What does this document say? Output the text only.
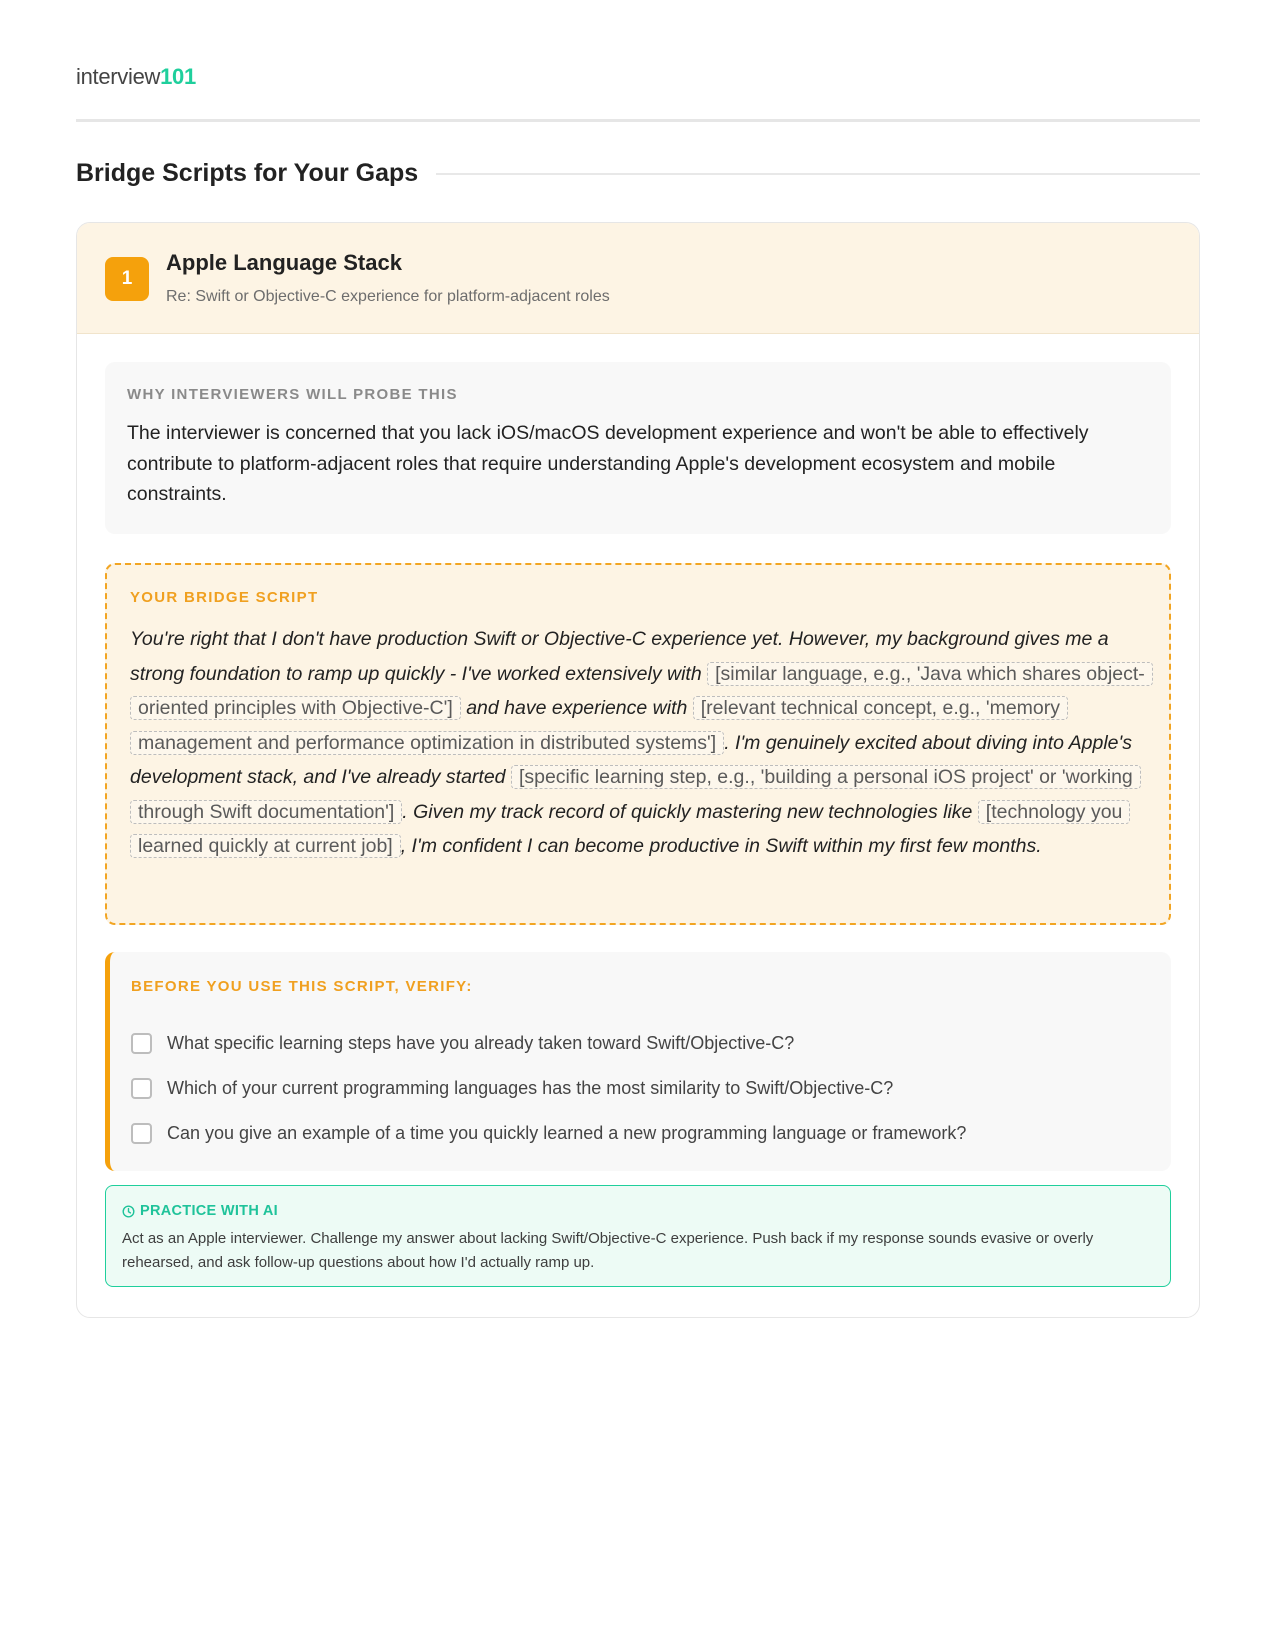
interview101
Bridge Scripts for Your Gaps
1
Apple Language Stack
Re: Swift or Objective-C experience for platform-adjacent roles
WHY INTERVIEWERS WILL PROBE THIS

The interviewer is concerned that you lack iOS/macOS development experience and won't be able to effectively contribute to platform-adjacent roles that require understanding Apple's development ecosystem and mobile constraints.

YOUR BRIDGE SCRIPT

You're right that I don't have production Swift or Objective-C experience yet. However, my background gives me a strong foundation to ramp up quickly - I've worked extensively with [similar language, e.g., 'Java which shares object-oriented principles with Objective-C'] and have experience with [relevant technical concept, e.g., 'memory management and performance optimization in distributed systems'] . I'm genuinely excited about diving into Apple's development stack, and I've already started [specific learning step, e.g., 'building a personal iOS project' or 'working through Swift documentation'] . Given my track record of quickly mastering new technologies like [technology you learned quickly at current job] , I'm confident I can become productive in Swift within my first few months.

BEFORE YOU USE THIS SCRIPT, VERIFY:
What specific learning steps have you already taken toward Swift/Objective-C?
Which of your current programming languages has the most similarity to Swift/Objective-C?
Can you give an example of a time you quickly learned a new programming language or framework?
PRACTICE WITH AI

Act as an Apple interviewer. Challenge my answer about lacking Swift/Objective-C experience. Push back if my response sounds evasive or overly rehearsed, and ask follow-up questions about how I'd actually ramp up.
